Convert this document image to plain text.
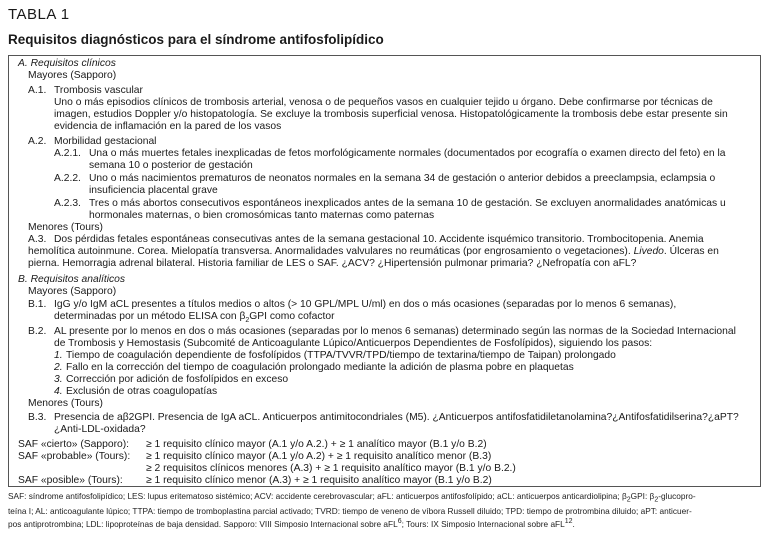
TABLA 1
Requisitos diagnósticos para el síndrome antifosfolipídico
A. Requisitos clínicos
Mayores (Sapporo)
A.1. Trombosis vascular
Uno o más episodios clínicos de trombosis arterial, venosa o de pequeños vasos en cualquier tejido u órgano. Debe confirmarse por técnicas de
imagen, estudios Doppler y/o histopatología. Se excluye la trombosis superficial venosa. Histopatológicamente la trombosis debe estar presente sin
evidencia de inflamación en la pared de los vasos
A.2. Morbilidad gestacional
A.2.1. Una o más muertes fetales inexplicadas de fetos morfológicamente normales (documentados por ecografía o examen directo del feto) en la
semana 10 o posterior de gestación
A.2.2. Uno o más nacimientos prematuros de neonatos normales en la semana 34 de gestación o anterior debidos a preeclampsia, eclampsia o
insuficiencia placental grave
A.2.3. Tres o más abortos consecutivos espontáneos inexplicados antes de la semana 10 de gestación. Se excluyen anormalidades anatómicas u
hormonales maternas, o bien cromosómicas tanto maternas como paternas
Menores (Tours)
A.3. Dos pérdidas fetales espontáneas consecutivas antes de la semana gestacional 10. Accidente isquémico transitorio. Trombocitopenia. Anemia
hemolítica autoinmune. Corea. Mielopatía transversa. Anormalidades valvulares no reumáticas (por engrosamiento o vegetaciones). Livedo. Úlceras en
pierna. Hemorragia adrenal bilateral. Historia familiar de LES o SAF. ¿ACV? ¿Hipertensión pulmonar primaria? ¿Nefropatía con aFL?
B. Requisitos analíticos
Mayores (Sapporo)
B.1. IgG y/o IgM aCL presentes a títulos medios o altos (> 10 GPL/MPL U/ml) en dos o más ocasiones (separadas por lo menos 6 semanas),
determinadas por un método ELISA con $\beta_2GPI$ como cofactor
B.2. AL presente por lo menos en dos o más ocasiones (separadas por lo menos 6 semanas) determinado según las normas de la Sociedad Internacional
de Trombosis y Hemostasis (Subcomité de Anticoagulante Lúpico/Anticuerpos Dependientes de Fosfolípidos), siguiendo los pasos:
1. Tiempo de coagulación dependiente de fosfolípidos (TTPA/TVVR/TPD/tiempo de textarina/tiempo de Taipan) prolongado
2. Fallo en la corrección del tiempo de coagulación prolongado mediante la adición de plasma pobre en plaquetas
3. Corrección por adición de fosfolípidos en exceso
4. Exclusión de otras coagulopatías
Menores (Tours)
B.3. Presencia de aβ2GPI. Presencia de IgA aCL. Anticuerpos antimitocondriales (M5). ¿Anticuerpos antifosfatidiletanolamina?¿Antifosfatidilserina?¿aPT?
¿Anti-LDL-oxidada?
SAF «cierto» (Sapporo): ≥ 1 requisito clínico mayor (A.1 y/o A.2.) + ≥ 1 analítico mayor (B.1 y/o B.2)
SAF «probable» (Tours): ≥ 1 requisito clínico mayor (A.1 y/o A.2) + ≥ 1 requisito analítico menor (B.3)
≥ 2 requisitos clínicos menores (A.3) + ≥ 1 requisito analítico mayor (B.1 y/o B.2.)
SAF «posible» (Tours): ≥ 1 requisito clínico menor (A.3) + ≥ 1 requisito analítico mayor (B.1 y/o B.2)
SAF: síndrome antifosfolipídico; LES: lupus eritematoso sistémico; ACV: accidente cerebrovascular; aFL: anticuerpos antifosfolípido; aCL: anticuerpos anticardiolipina; $\beta_2GPI$: $\beta_2-glucopro-$
teína I; AL: anticoagulante lúpico; TTPA: tiempo de tromboplastina parcial activado; TVRD: tiempo de veneno de víbora Russell diluido; TPD: tiempo de protrombina diluido; aPT: anticuer-
pos antiprotrombina; LDL: lipoproteínas de baja densidad. Sapporo: VIII Simposio Internacional sobre aFL$^6$; Tours: IX Simposio Internacional sobre aFL$^{12}$.
